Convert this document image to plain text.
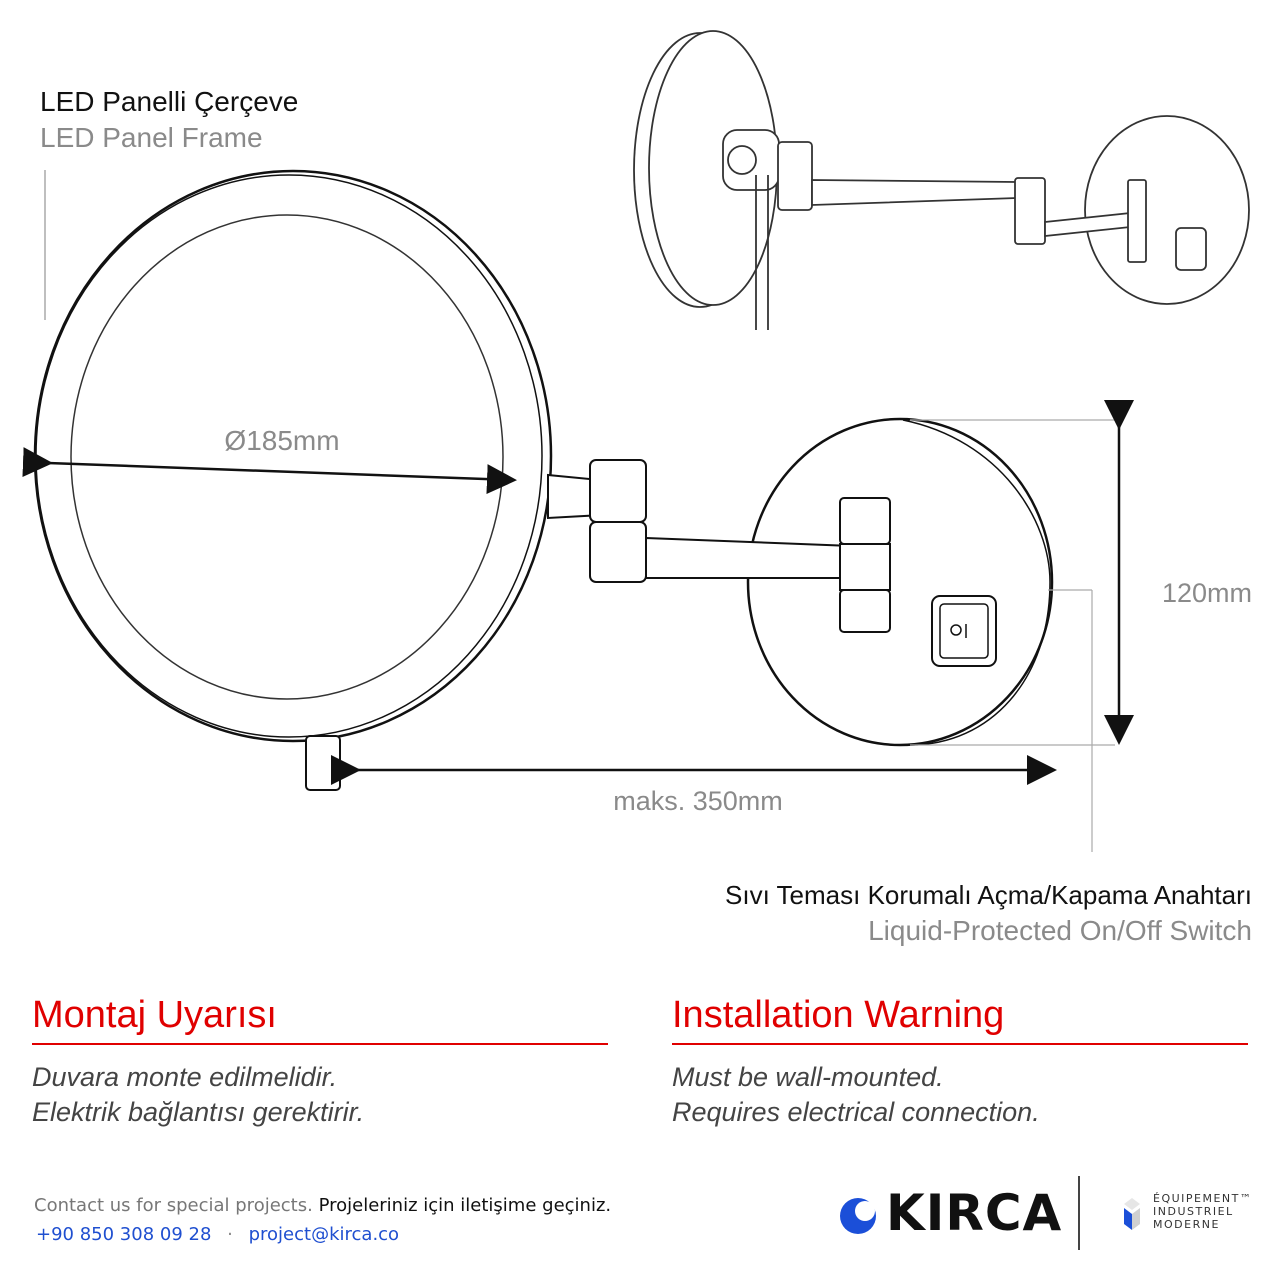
LED Panelli Çerçeve
LED Panel Frame
Ø185mm
120mm
maks. 350mm
Sıvı Teması Korumalı Açma/Kapama Anahtarı
Liquid-Protected On/Off Switch
Montaj Uyarısı
Duvara monte edilmelidir.
Elektrik bağlantısı gerektirir.
Installation Warning
Must be wall-mounted.
Requires electrical connection.
Contact us for special projects. Projeleriniz için iletişime geçiniz.
+90 850 308 09 28 · project@kirca.co	KIRCA	ÉQUIPEMENT™
INDUSTRIEL
MODERNE
